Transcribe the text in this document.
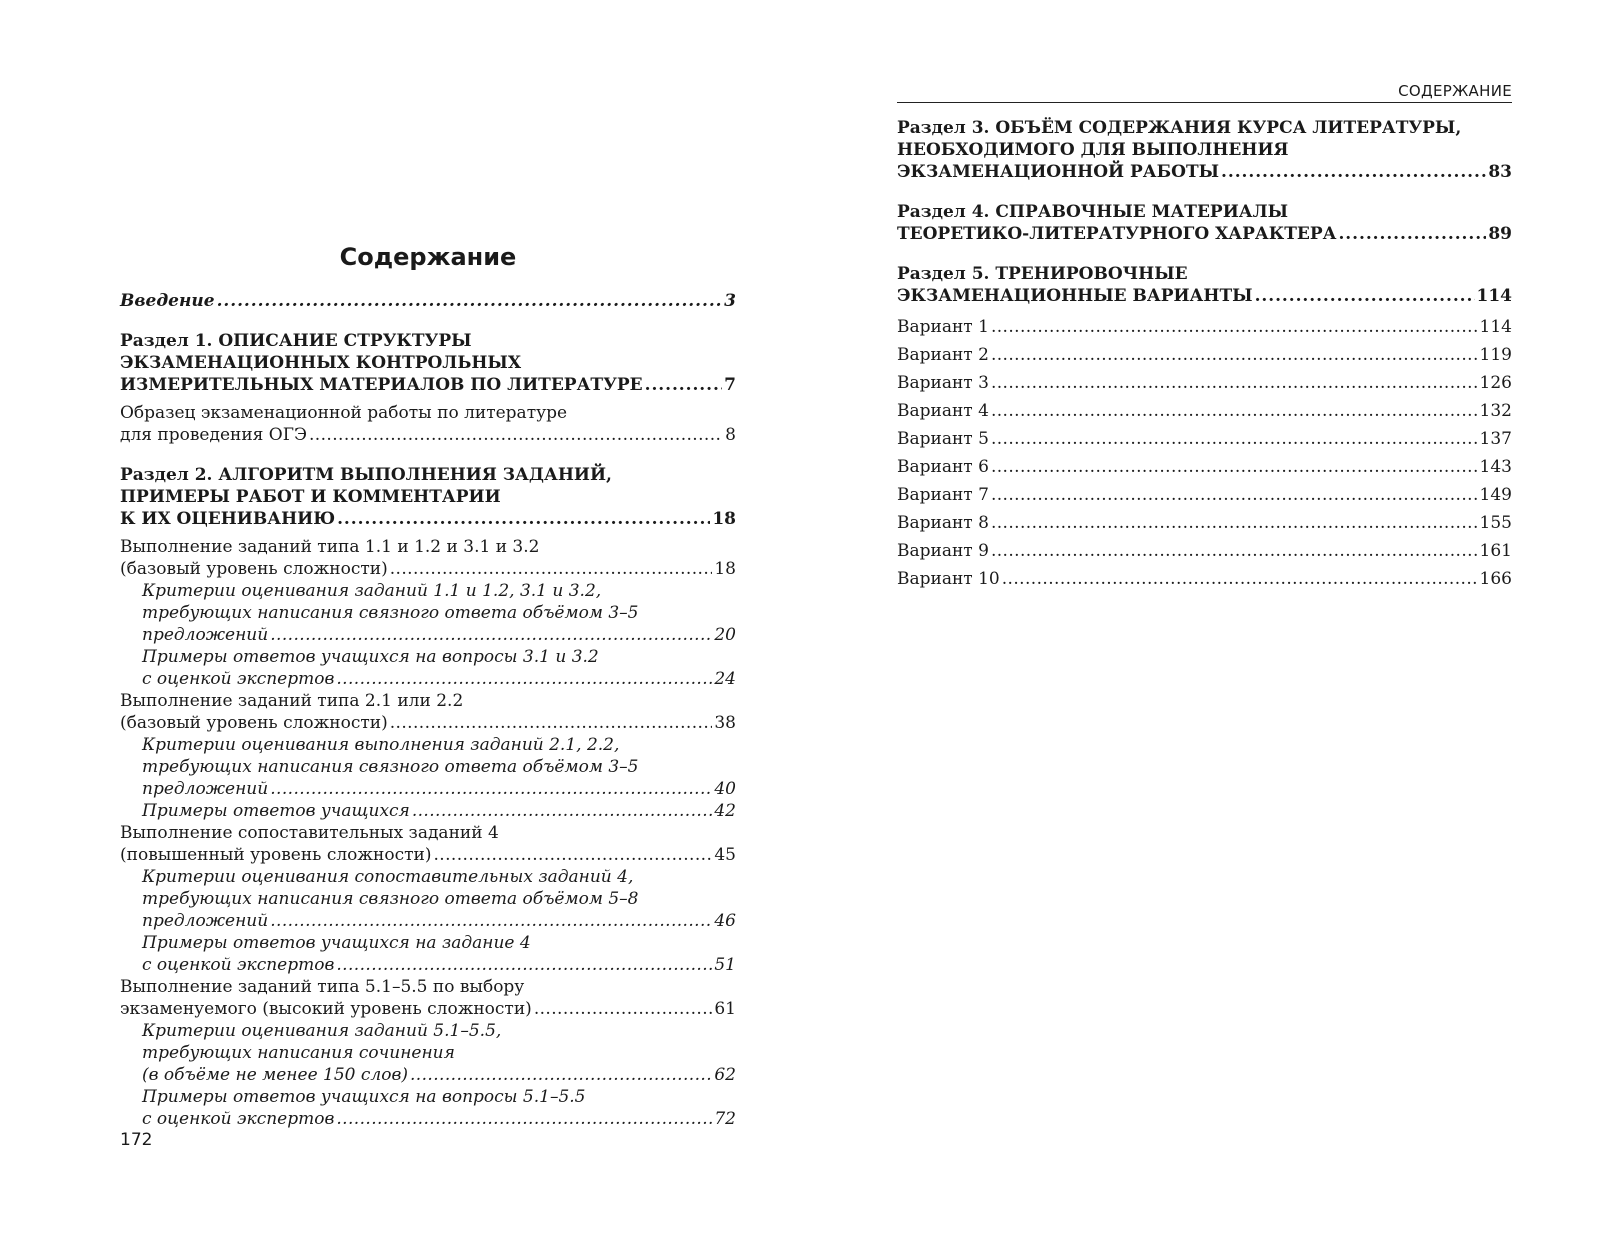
Содержание
Введение . . .	3
Раздел 1. ОПИСАНИЕ СТРУКТУРЫ
ЭКЗАМЕНАЦИОННЫХ КОНТРОЛЬНЫХ
ИЗМЕРИТЕЛЬНЫХ МАТЕРИАЛОВ ПО ЛИТЕРАТУРЕ . . .	7
Образец экзаменационной работы по литературе
для проведения ОГЭ . . .	8
Раздел 2. АЛГОРИТМ ВЫПОЛНЕНИЯ ЗАДАНИЙ,
ПРИМЕРЫ РАБОТ И КОММЕНТАРИИ
К ИХ ОЦЕНИВАНИЮ . . .	18
Выполнение заданий типа 1.1 и 1.2 и 3.1 и 3.2
(базовый уровень сложности) . . .	18
Критерии оценивания заданий 1.1 и 1.2, 3.1 и 3.2,
требующих написания связного ответа объёмом 3–5
предложений . . .	20
Примеры ответов учащихся на вопросы 3.1 и 3.2
с оценкой экспертов . . .	24
Выполнение заданий типа 2.1 или 2.2
(базовый уровень сложности) . . .	38
Критерии оценивания выполнения заданий 2.1, 2.2,
требующих написания связного ответа объёмом 3–5
предложений . . .	40
Примеры ответов учащихся . . .	42
Выполнение сопоставительных заданий 4
(повышенный уровень сложности) . . .	45
Критерии оценивания сопоставительных заданий 4,
требующих написания связного ответа объёмом 5–8
предложений . . .	46
Примеры ответов учащихся на задание 4
с оценкой экспертов . . .	51
Выполнение заданий типа 5.1–5.5 по выбору
экзаменуемого (высокий уровень сложности) . . .	61
Критерии оценивания заданий 5.1–5.5,
требующих написания сочинения
(в объёме не менее 150 слов) . . .	62
Примеры ответов учащихся на вопросы 5.1–5.5
с оценкой экспертов . . .	72
172
СОДЕРЖАНИЕ
Раздел 3. ОБЪЁМ СОДЕРЖАНИЯ КУРСА ЛИТЕРАТУРЫ,
НЕОБХОДИМОГО ДЛЯ ВЫПОЛНЕНИЯ
ЭКЗАМЕНАЦИОННОЙ РАБОТЫ . . .	83
Раздел 4. СПРАВОЧНЫЕ МАТЕРИАЛЫ
ТЕОРЕТИКО-ЛИТЕРАТУРНОГО ХАРАКТЕРА . . .	89
Раздел 5. ТРЕНИРОВОЧНЫЕ
ЭКЗАМЕНАЦИОННЫЕ ВАРИАНТЫ . . .	114
Вариант 1 . . .	114
Вариант 2 . . .	119
Вариант 3 . . .	126
Вариант 4 . . .	132
Вариант 5 . . .	137
Вариант 6 . . .	143
Вариант 7 . . .	149
Вариант 8 . . .	155
Вариант 9 . . .	161
Вариант 10 . . .	166
